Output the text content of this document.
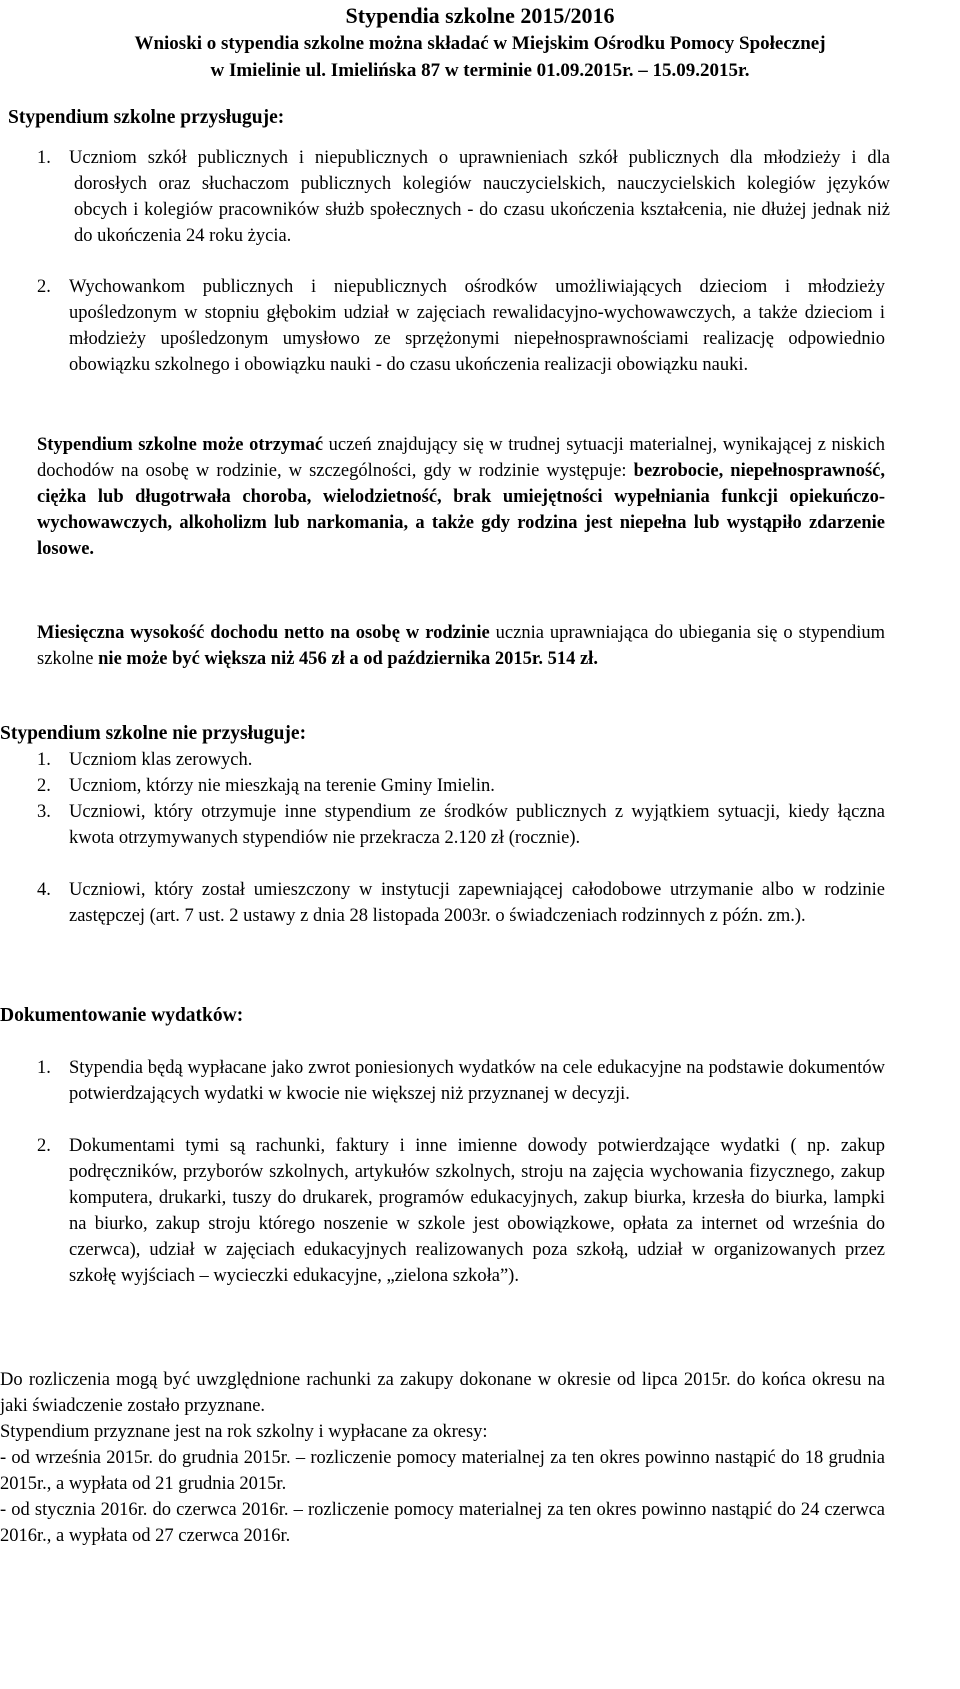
Stypendia szkolne 2015/2016
Wnioski o stypendia szkolne można składać w Miejskim Ośrodku Pomocy Społecznej
w Imielinie ul. Imielińska 87 w terminie 01.09.2015r. – 15.09.2015r.
Stypendium szkolne przysługuje:
1. Uczniom szkół publicznych i niepublicznych o uprawnieniach szkół publicznych dla młodzieży i dla dorosłych oraz słuchaczom publicznych kolegiów nauczycielskich, nauczycielskich kolegiów języków obcych i kolegiów pracowników służb społecznych - do czasu ukończenia kształcenia, nie dłużej jednak niż do ukończenia 24 roku życia.
2. Wychowankom publicznych i niepublicznych ośrodków umożliwiających dzieciom i młodzieży upośledzonym w stopniu głębokim udział w zajęciach rewalidacyjno-wychowawczych, a także dzieciom i młodzieży upośledzonym umysłowo ze sprzężonymi niepełnosprawnościami realizację odpowiednio obowiązku szkolnego i obowiązku nauki - do czasu ukończenia realizacji obowiązku nauki.
Stypendium szkolne może otrzymać uczeń znajdujący się w trudnej sytuacji materialnej, wynikającej z niskich dochodów na osobę w rodzinie, w szczególności, gdy w rodzinie występuje: bezrobocie, niepełnosprawność, ciężka lub długotrwała choroba, wielodzietność, brak umiejętności wypełniania funkcji opiekuńczo-wychowawczych, alkoholizm lub narkomania, a także gdy rodzina jest niepełna lub wystąpiło zdarzenie losowe.
Miesięczna wysokość dochodu netto na osobę w rodzinie ucznia uprawniająca do ubiegania się o stypendium szkolne nie może być większa niż 456 zł a od października 2015r. 514 zł.
Stypendium szkolne nie przysługuje:
1. Uczniom klas zerowych.
2. Uczniom, którzy nie mieszkają na terenie Gminy Imielin.
3. Uczniowi, który otrzymuje inne stypendium ze środków publicznych z wyjątkiem sytuacji, kiedy łączna kwota otrzymywanych stypendiów nie przekracza 2.120 zł (rocznie).
4. Uczniowi, który został umieszczony w instytucji zapewniającej całodobowe utrzymanie albo w rodzinie zastępczej (art. 7 ust. 2 ustawy z dnia 28 listopada 2003r. o świadczeniach rodzinnych z późn. zm.).
Dokumentowanie wydatków:
1. Stypendia będą wypłacane jako zwrot poniesionych wydatków na cele edukacyjne na podstawie dokumentów potwierdzających wydatki w kwocie nie większej niż przyznanej w decyzji.
2. Dokumentami tymi są rachunki, faktury i inne imienne dowody potwierdzające wydatki ( np. zakup podręczników, przyborów szkolnych, artykułów szkolnych, stroju na zajęcia wychowania fizycznego, zakup komputera, drukarki, tuszy do drukarek, programów edukacyjnych, zakup biurka, krzesła do biurka, lampki na biurko, zakup stroju którego noszenie w szkole jest obowiązkowe, opłata za internet od września do czerwca), udział w zajęciach edukacyjnych realizowanych poza szkołą, udział w organizowanych przez szkołę wyjściach – wycieczki edukacyjne, „zielona szkoła”).
Do rozliczenia mogą być uwzględnione rachunki za zakupy dokonane w okresie od lipca 2015r. do końca okresu na jaki świadczenie zostało przyznane.
Stypendium przyznane jest na rok szkolny i wypłacane za okresy:
- od września 2015r. do grudnia 2015r. – rozliczenie pomocy materialnej za ten okres powinno nastąpić do 18 grudnia 2015r., a wypłata od 21 grudnia 2015r.
- od stycznia 2016r. do czerwca 2016r. – rozliczenie pomocy materialnej za ten okres powinno nastąpić do 24 czerwca 2016r., a wypłata od 27 czerwca 2016r.
